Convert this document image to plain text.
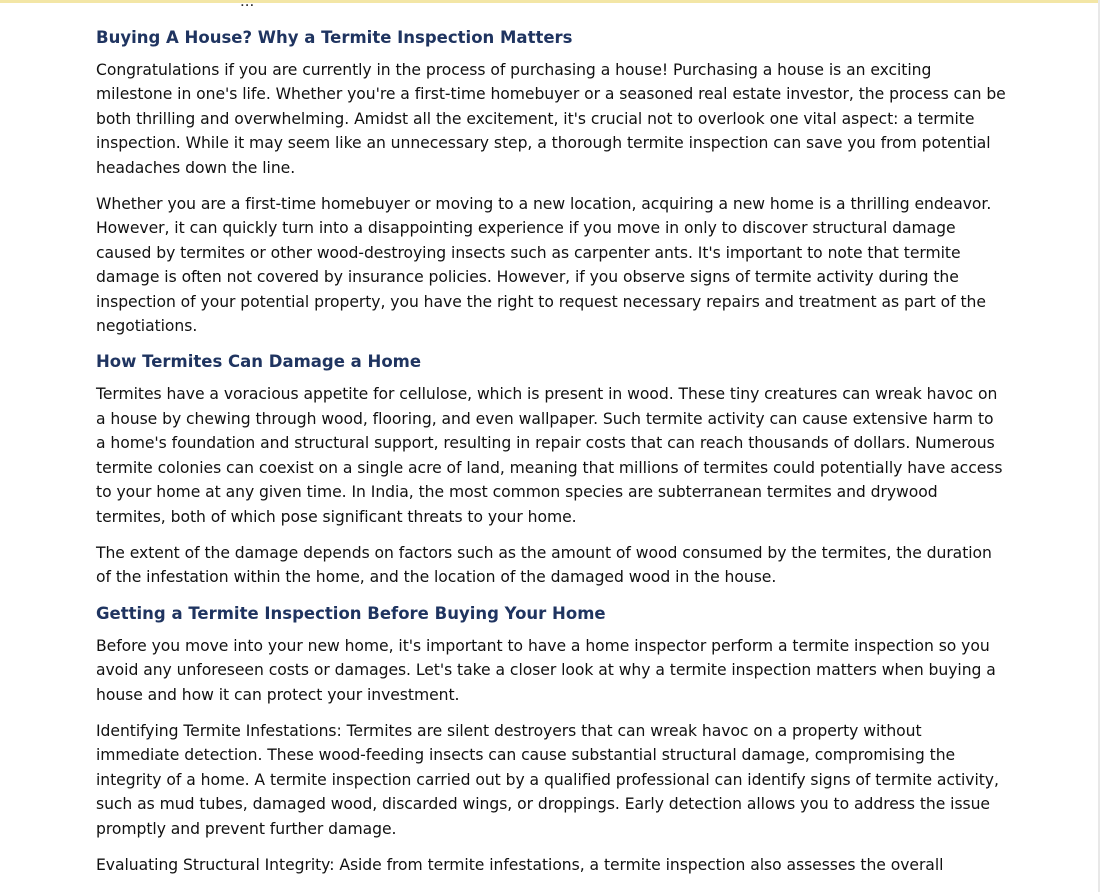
...
Buying A House? Why a Termite Inspection Matters

Congratulations if you are currently in the process of purchasing a house! Purchasing a house is an exciting milestone in one's life. Whether you're a first-time homebuyer or a seasoned real estate investor, the process can be both thrilling and overwhelming. Amidst all the excitement, it's crucial not to overlook one vital aspect: a termite inspection. While it may seem like an unnecessary step, a thorough termite inspection can save you from potential headaches down the line.

Whether you are a first-time homebuyer or moving to a new location, acquiring a new home is a thrilling endeavor. However, it can quickly turn into a disappointing experience if you move in only to discover structural damage caused by termites or other wood-destroying insects such as carpenter ants. It's important to note that termite damage is often not covered by insurance policies. However, if you observe signs of termite activity during the inspection of your potential property, you have the right to request necessary repairs and treatment as part of the negotiations.

How Termites Can Damage a Home

Termites have a voracious appetite for cellulose, which is present in wood. These tiny creatures can wreak havoc on a house by chewing through wood, flooring, and even wallpaper. Such termite activity can cause extensive harm to a home's foundation and structural support, resulting in repair costs that can reach thousands of dollars. Numerous termite colonies can coexist on a single acre of land, meaning that millions of termites could potentially have access to your home at any given time. In India, the most common species are subterranean termites and drywood termites, both of which pose significant threats to your home.

The extent of the damage depends on factors such as the amount of wood consumed by the termites, the duration of the infestation within the home, and the location of the damaged wood in the house.

Getting a Termite Inspection Before Buying Your Home

Before you move into your new home, it's important to have a home inspector perform a termite inspection so you avoid any unforeseen costs or damages. Let's take a closer look at why a termite inspection matters when buying a house and how it can protect your investment.

Identifying Termite Infestations: Termites are silent destroyers that can wreak havoc on a property without immediate detection. These wood-feeding insects can cause substantial structural damage, compromising the integrity of a home. A termite inspection carried out by a qualified professional can identify signs of termite activity, such as mud tubes, damaged wood, discarded wings, or droppings. Early detection allows you to address the issue promptly and prevent further damage.

Evaluating Structural Integrity: Aside from termite infestations, a termite inspection also assesses the overall
